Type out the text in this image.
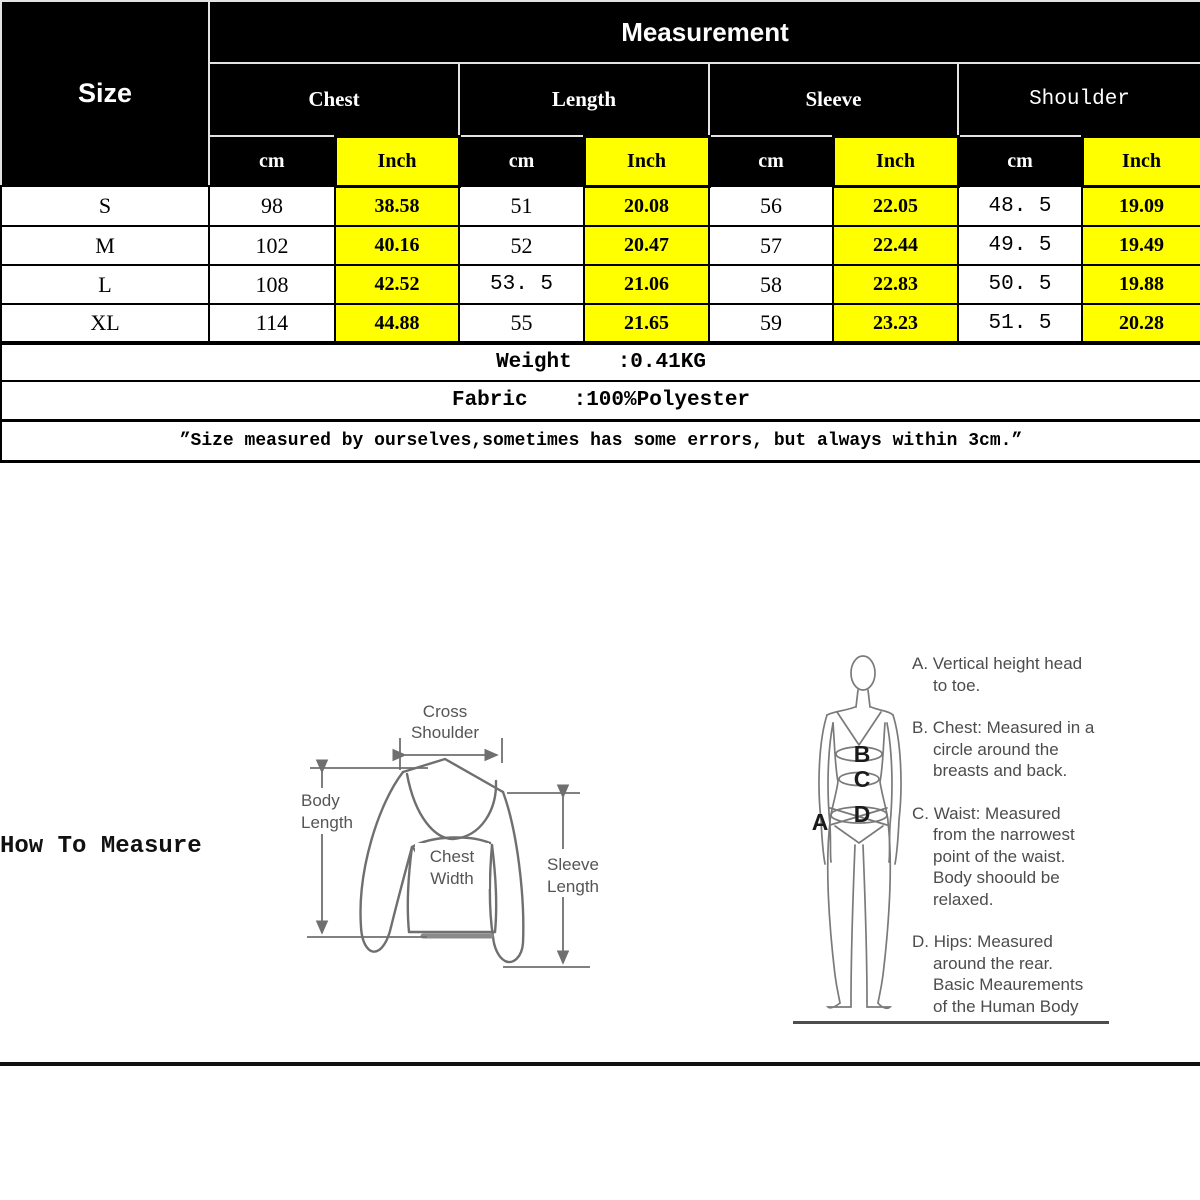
Size	Measurement							
	Chest		Length		Sleeve		Shoulder	
	cm	Inch	cm	Inch	cm	Inch	cm	Inch
S	98	38.58	51	20.08	56	22.05	48. 5	19.09
M	102	40.16	52	20.47	57	22.44	49. 5	19.49
L	108	42.52	53. 5	21.06	58	22.83	50. 5	19.88
XL	114	44.88	55	21.65	59	23.23	51. 5	20.28
Weight :0.41KG								
Fabric :100%Polyester								
”Size measured by ourselves,sometimes has some errors, but always within 3cm.”								
How To Measure
Cross
Shoulder
Body
Length
Chest
Width
Sleeve
Length
A
B
C
D
A. Vertical height head
to toe.
B. Chest: Measured in a
circle around the
breasts and back.
C. Waist: Measured
from the narrowest
point of the waist.
Body shoould be
relaxed.
D. Hips: Measured
around the rear.
Basic Meaurements
of the Human Body
